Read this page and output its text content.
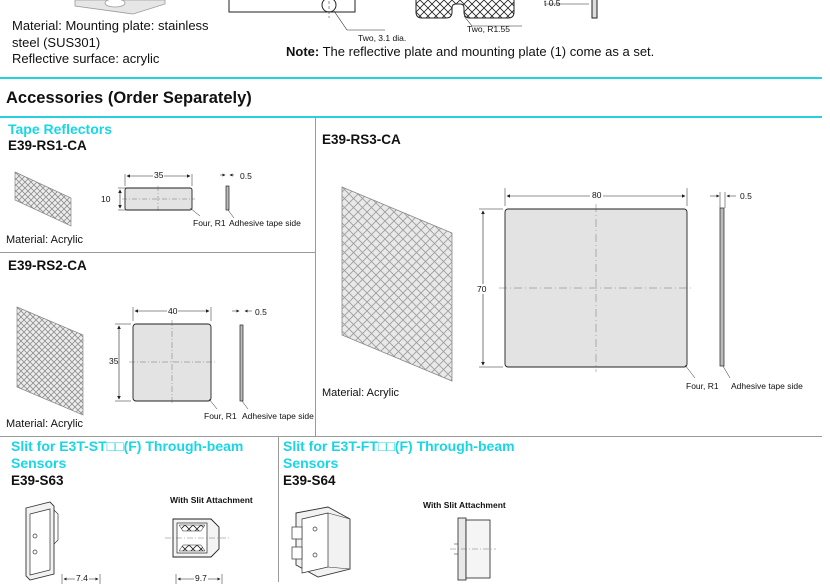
Material: Mounting plate: stainless
steel (SUS301)
Reflective surface: acrylic
Two, 3.1 dia.
Two, R1.55
t 0.5
Note: The reflective plate and mounting plate (1) come as a set.
Accessories (Order Separately)
Tape Reflectors
E39-RS1-CA
35
10
0.5
Four, R1 Adhesive tape side
Material: Acrylic
E39-RS2-CA
40
35
0.5
Four, R1 Adhesive tape side
Material: Acrylic
E39-RS3-CA
80
70
0.5
Four, R1 Adhesive tape side
Material: Acrylic
Slit for E3T-ST□□(F) Through-beam
Sensors
E39-S63
7.4
With Slit Attachment
9.7
Slit for E3T-FT□□(F) Through-beam
Sensors
E39-S64
With Slit Attachment
